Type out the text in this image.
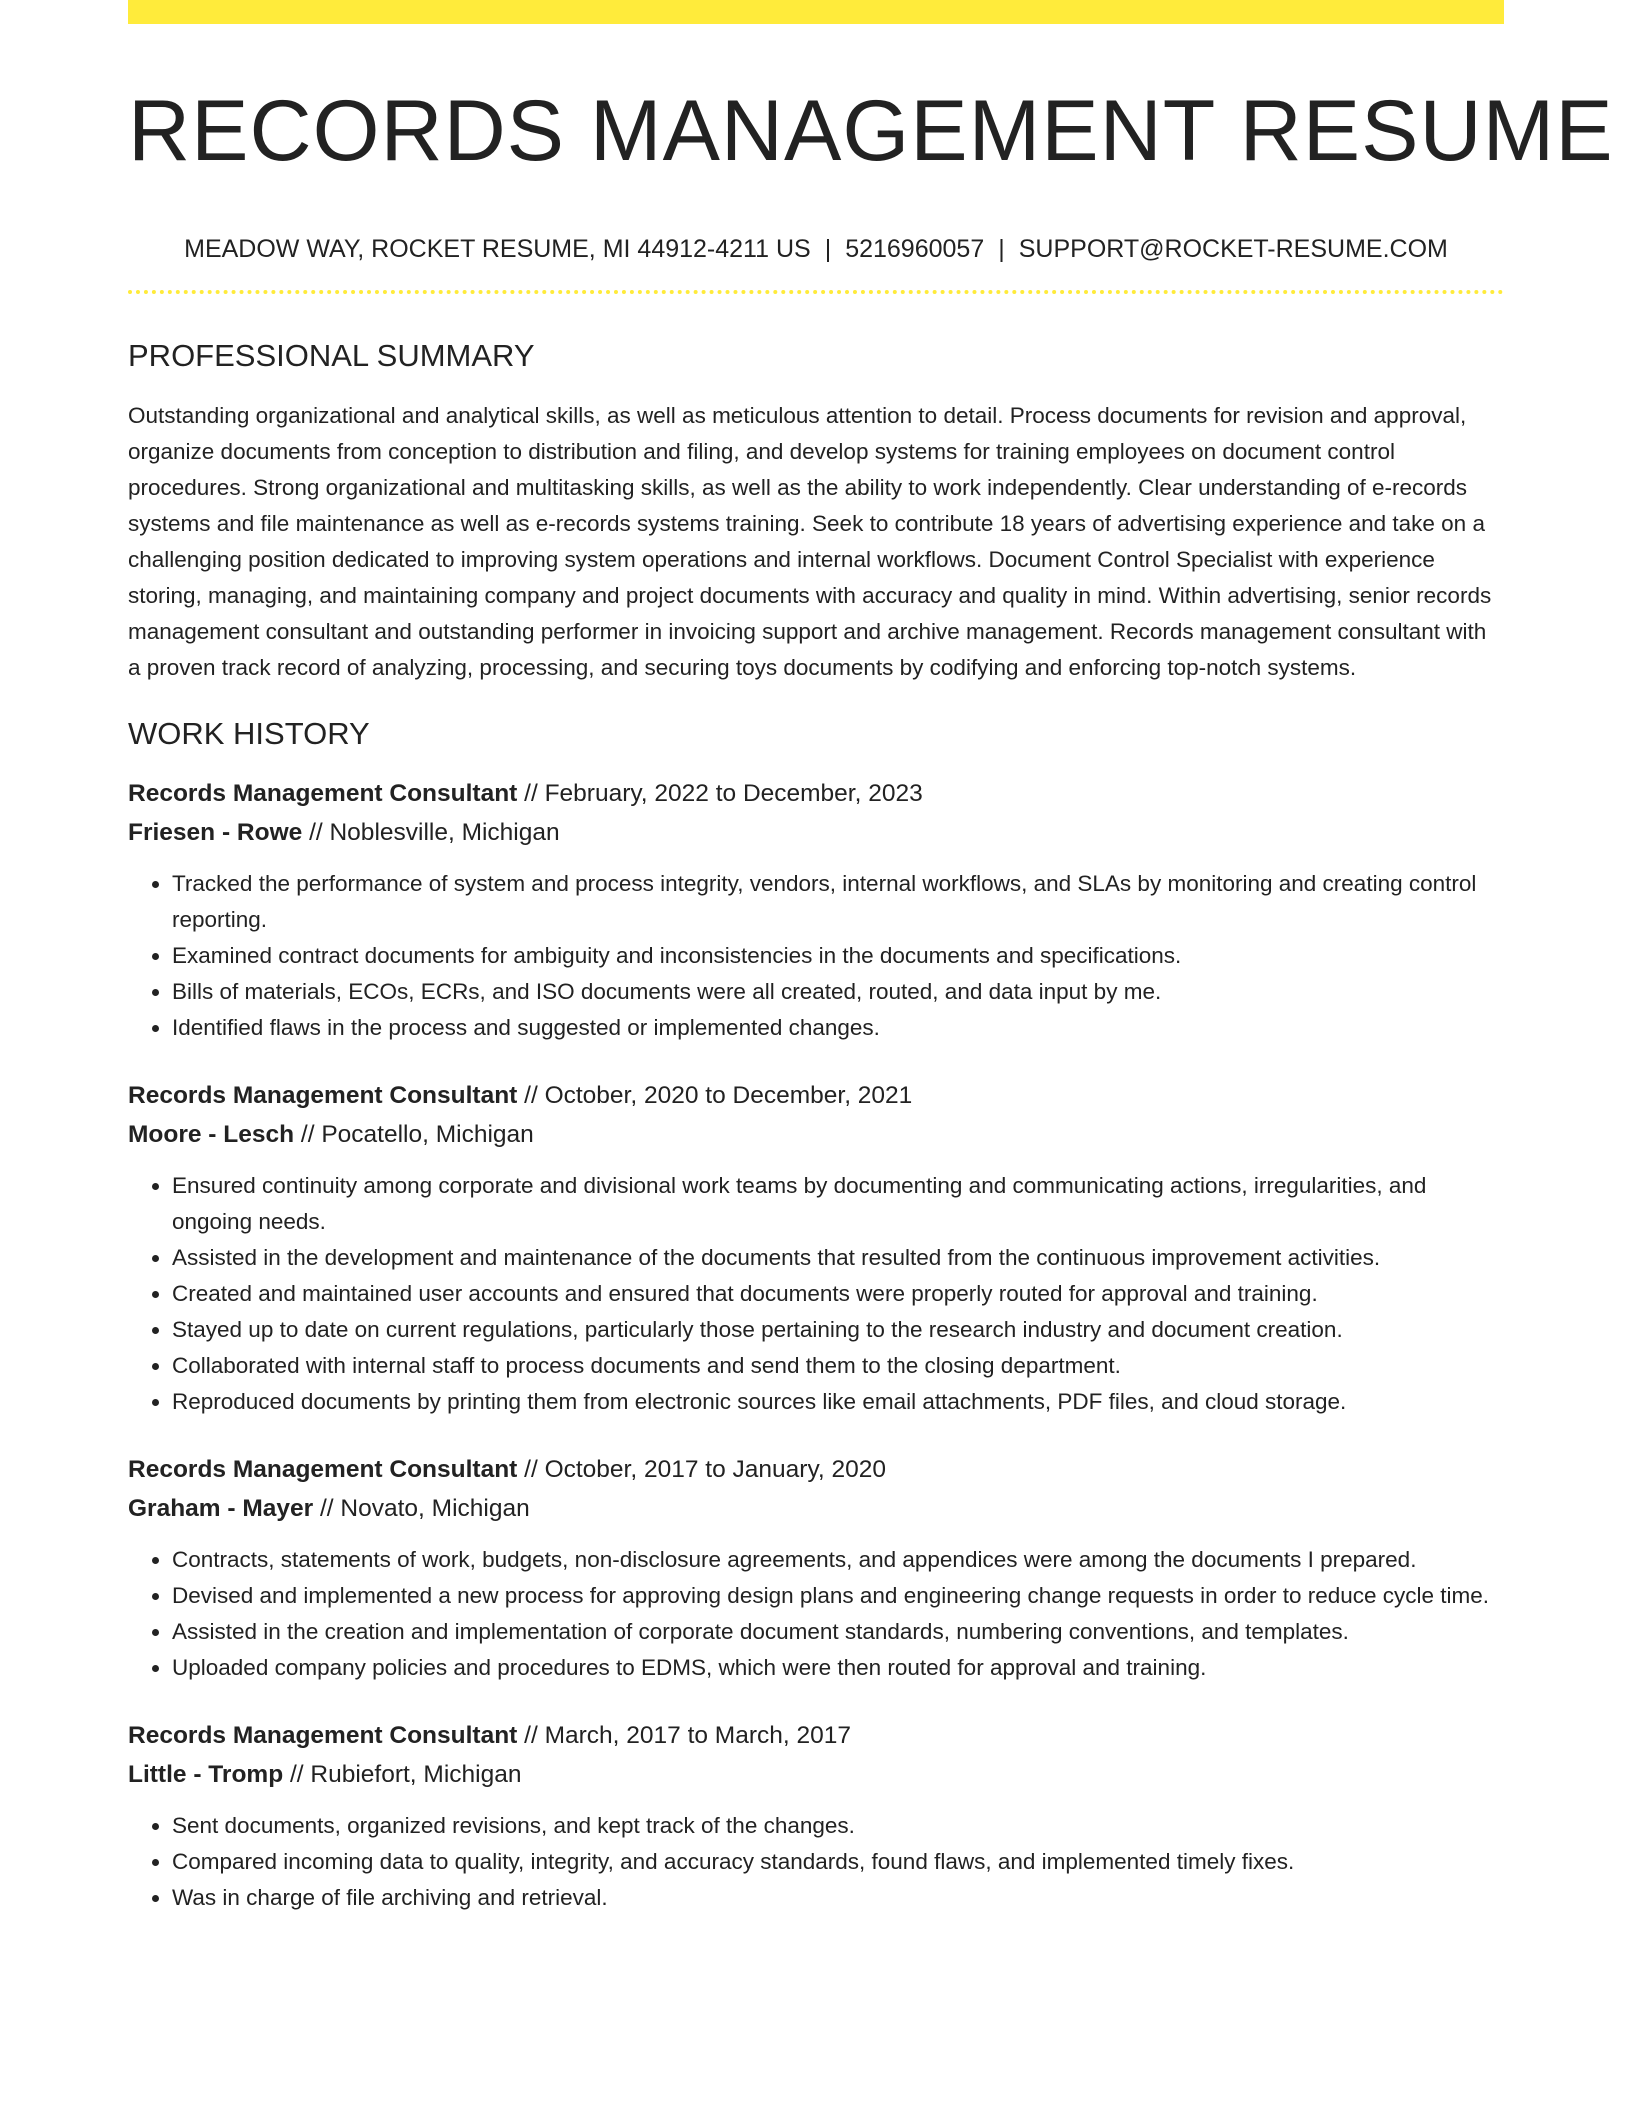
RECORDS MANAGEMENT RESUME
MEADOW WAY, ROCKET RESUME, MI 44912-4211 US | 5216960057 | SUPPORT@ROCKET-RESUME.COM
PROFESSIONAL SUMMARY

Outstanding organizational and analytical skills, as well as meticulous attention to detail. Process documents for revision and approval, organize documents from conception to distribution and filing, and develop systems for training employees on document control procedures. Strong organizational and multitasking skills, as well as the ability to work independently. Clear understanding of e-records systems and file maintenance as well as e-records systems training. Seek to contribute 18 years of advertising experience and take on a challenging position dedicated to improving system operations and internal workflows. Document Control Specialist with experience storing, managing, and maintaining company and project documents with accuracy and quality in mind. Within advertising, senior records management consultant and outstanding performer in invoicing support and archive management. Records management consultant with a proven track record of analyzing, processing, and securing toys documents by codifying and enforcing top-notch systems.

WORK HISTORY
Records Management Consultant // February, 2022 to December, 2023
Friesen - Rowe // Noblesville, Michigan
• Tracked the performance of system and process integrity, vendors, internal workflows, and SLAs by monitoring and creating control reporting.
• Examined contract documents for ambiguity and inconsistencies in the documents and specifications.
• Bills of materials, ECOs, ECRs, and ISO documents were all created, routed, and data input by me.
• Identified flaws in the process and suggested or implemented changes.
Records Management Consultant // October, 2020 to December, 2021
Moore - Lesch // Pocatello, Michigan
• Ensured continuity among corporate and divisional work teams by documenting and communicating actions, irregularities, and ongoing needs.
• Assisted in the development and maintenance of the documents that resulted from the continuous improvement activities.
• Created and maintained user accounts and ensured that documents were properly routed for approval and training.
• Stayed up to date on current regulations, particularly those pertaining to the research industry and document creation.
• Collaborated with internal staff to process documents and send them to the closing department.
• Reproduced documents by printing them from electronic sources like email attachments, PDF files, and cloud storage.
Records Management Consultant // October, 2017 to January, 2020
Graham - Mayer // Novato, Michigan
• Contracts, statements of work, budgets, non-disclosure agreements, and appendices were among the documents I prepared.
• Devised and implemented a new process for approving design plans and engineering change requests in order to reduce cycle time.
• Assisted in the creation and implementation of corporate document standards, numbering conventions, and templates.
• Uploaded company policies and procedures to EDMS, which were then routed for approval and training.
Records Management Consultant // March, 2017 to March, 2017
Little - Tromp // Rubiefort, Michigan
• Sent documents, organized revisions, and kept track of the changes.
• Compared incoming data to quality, integrity, and accuracy standards, found flaws, and implemented timely fixes.
• Was in charge of file archiving and retrieval.
